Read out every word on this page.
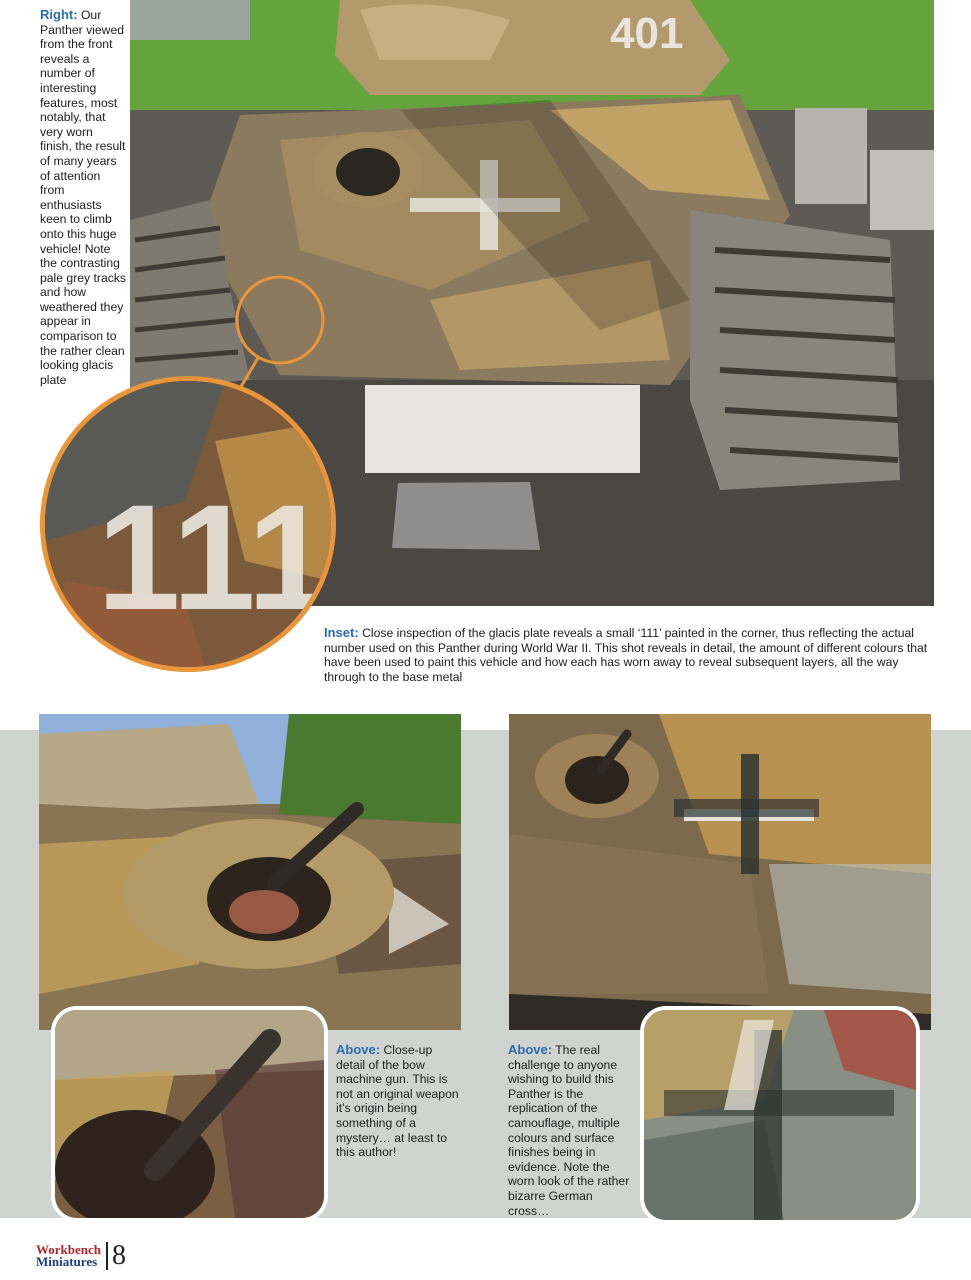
401
Right: Our Panther viewed from the front reveals a number of interesting features, most notably, that very worn finish, the result of many years of attention from enthusiasts keen to climb onto this huge vehicle! Note the contrasting pale grey tracks and how weathered they appear in comparison to the rather clean looking glacis plate
111
Inset: Close inspection of the glacis plate reveals a small ‘111’ painted in the corner, thus reflecting the actual number used on this Panther during World War II. This shot reveals in detail, the amount of different colours that have been used to paint this vehicle and how each has worn away to reveal subsequent layers, all the way through to the base metal
Above: Close-up detail of the bow machine gun. This is not an original weapon it’s origin being something of a mystery… at least to this author!
Above: The real challenge to anyone wishing to build this Panther is the replication of the camouflage, multiple colours and surface finishes being in evidence. Note the worn look of the rather bizarre German cross…
Workbench
Miniatures 8
